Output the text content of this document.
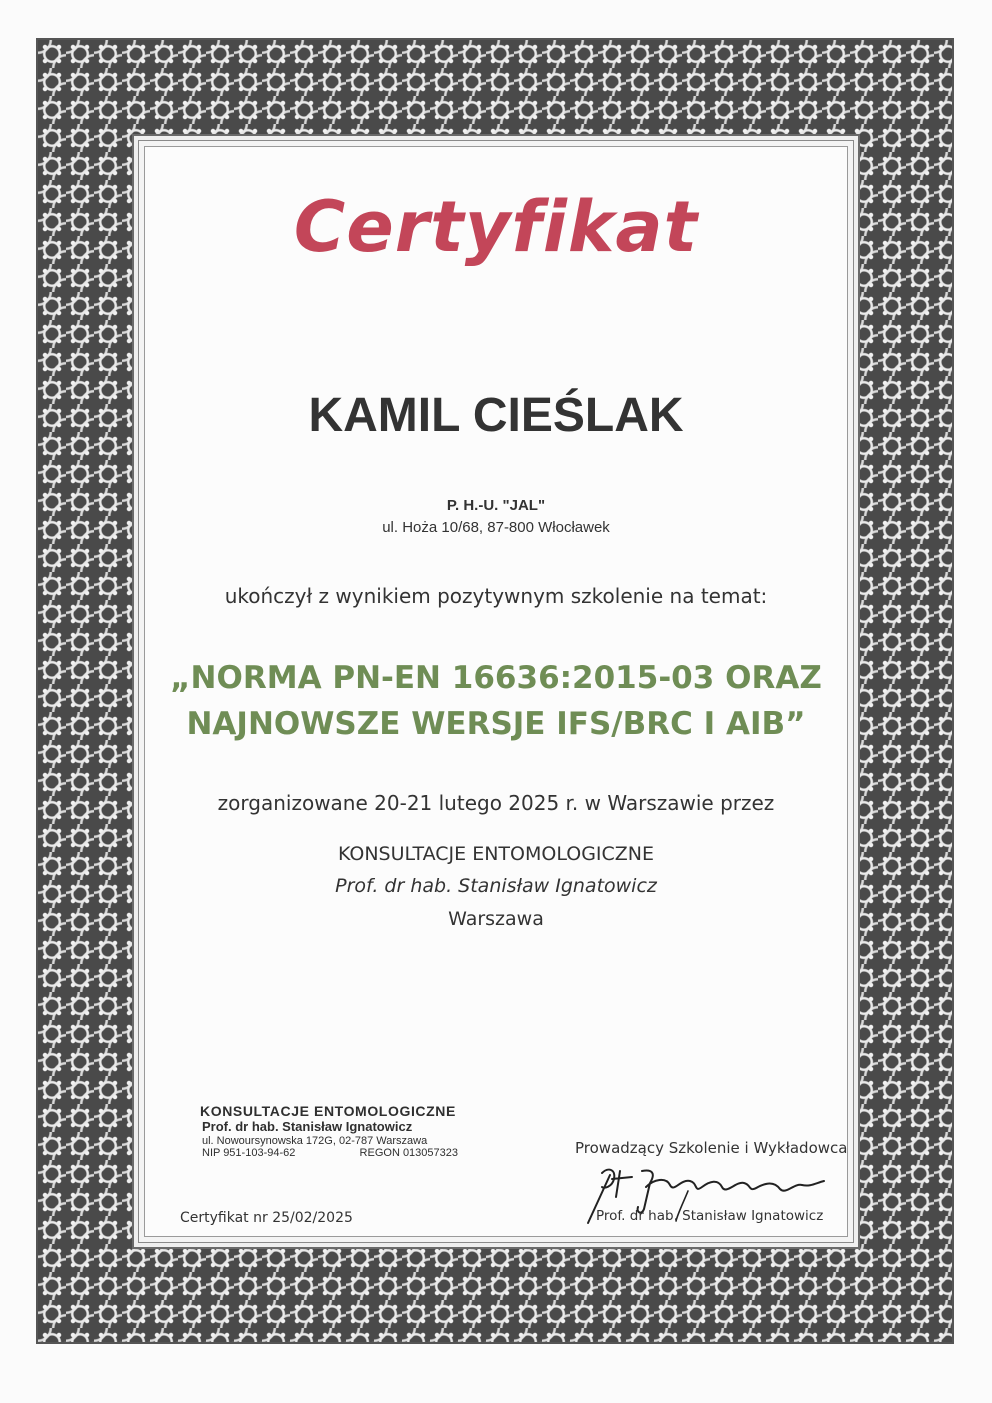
Certyfikat
KAMIL CIEŚLAK
P. H.-U. "JAL"
ul. Hoża 10/68, 87-800 Włocławek
ukończył z wynikiem pozytywnym szkolenie na temat:
„NORMA PN-EN 16636:2015-03 ORAZ
NAJNOWSZE WERSJE IFS/BRC I AIB”
zorganizowane 20-21 lutego 2025 r. w Warszawie przez
KONSULTACJE ENTOMOLOGICZNE
Prof. dr hab. Stanisław Ignatowicz
Warszawa
KONSULTACJE ENTOMOLOGICZNE
Prof. dr hab. Stanisław Ignatowicz
ul. Nowoursynowska 172G, 02-787 Warszawa
NIP 951-103-94-62	REGON 013057323
Certyfikat nr 25/02/2025
Prowadzący Szkolenie i Wykładowca
Prof. dr hab. Stanisław Ignatowicz
